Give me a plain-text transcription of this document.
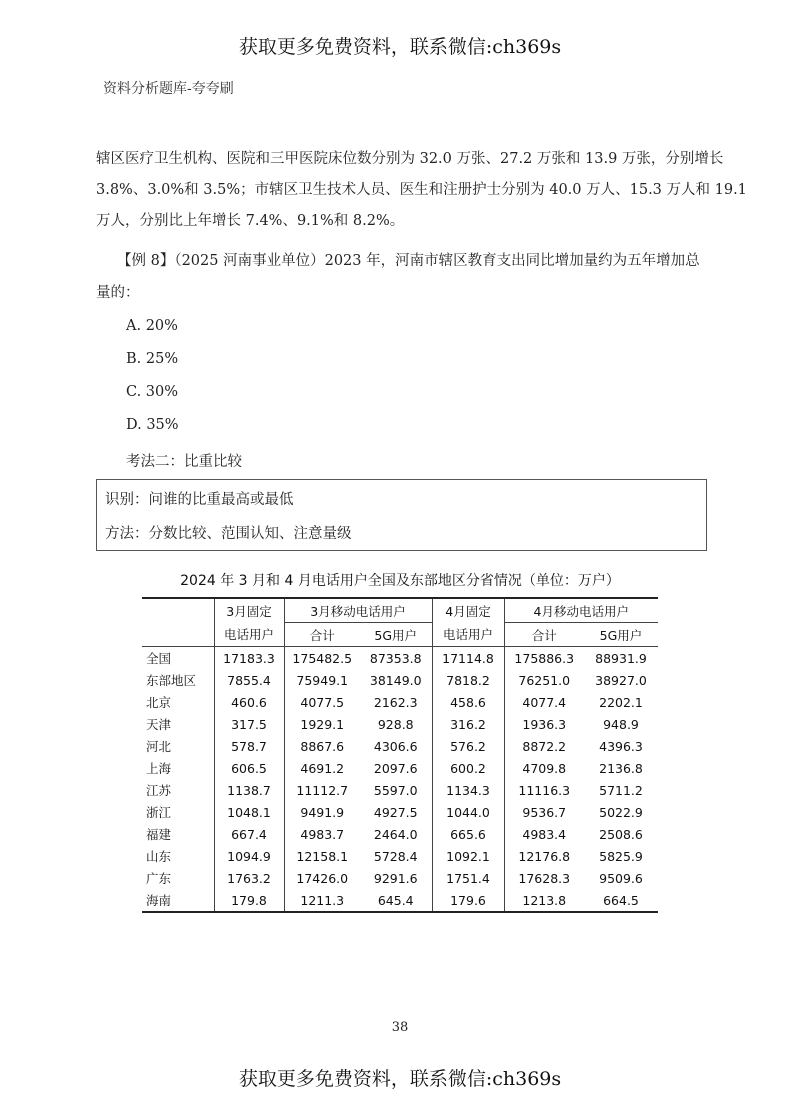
获取更多免费资料，联系微信:ch369s
资料分析题库-夸夸刷
辖区医疗卫生机构、医院和三甲医院床位数分别为 32.0 万张、27.2 万张和 13.9 万张，分别增长
3.8%、3.0%和 3.5%；市辖区卫生技术人员、医生和注册护士分别为 40.0 万人、15.3 万人和 19.1
万人，分别比上年增长 7.4%、9.1%和 8.2%。
【例 8】（2025 河南事业单位）2023 年，河南市辖区教育支出同比增加量约为五年增加总
量的：
A. 20%
B. 25%
C. 30%
D. 35%
考法二：比重比较
识别：问谁的比重最高或最低
方法：分数比较、范围认知、注意量级
2024 年 3 月和 4 月电话用户全国及东部地区分省情况（单位：万户）
	3月固定	3月移动电话用户		4月固定	4月移动电话用户	
	电话用户	合计	5G用户	电话用户	合计	5G用户
全国	17183.3	175482.5	87353.8	17114.8	175886.3	88931.9
东部地区	7855.4	75949.1	38149.0	7818.2	76251.0	38927.0
北京	460.6	4077.5	2162.3	458.6	4077.4	2202.1
天津	317.5	1929.1	928.8	316.2	1936.3	948.9
河北	578.7	8867.6	4306.6	576.2	8872.2	4396.3
上海	606.5	4691.2	2097.6	600.2	4709.8	2136.8
江苏	1138.7	11112.7	5597.0	1134.3	11116.3	5711.2
浙江	1048.1	9491.9	4927.5	1044.0	9536.7	5022.9
福建	667.4	4983.7	2464.0	665.6	4983.4	2508.6
山东	1094.9	12158.1	5728.4	1092.1	12176.8	5825.9
广东	1763.2	17426.0	9291.6	1751.4	17628.3	9509.6
海南	179.8	1211.3	645.4	179.6	1213.8	664.5
38
获取更多免费资料，联系微信:ch369s
